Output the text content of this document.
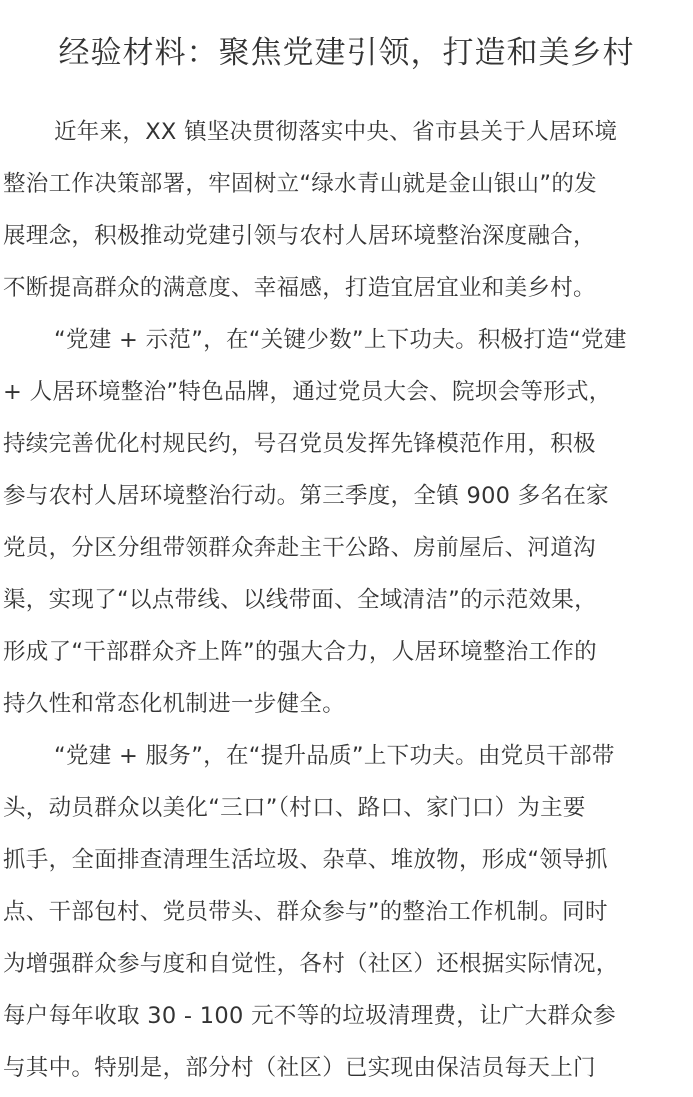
经验材料：聚焦党建引领，打造和美乡村
近年来，XX 镇坚决贯彻落实中央、省市县关于人居环境
整治工作决策部署，牢固树立“绿水青山就是金山银山”的发
展理念，积极推动党建引领与农村人居环境整治深度融合，
不断提高群众的满意度、幸福感，打造宜居宜业和美乡村。
“党建 + 示范”，在“关键少数”上下功夫。积极打造“党建
+ 人居环境整治”特色品牌，通过党员大会、院坝会等形式，
持续完善优化村规民约，号召党员发挥先锋模范作用，积极
参与农村人居环境整治行动。第三季度，全镇 900 多名在家
党员，分区分组带领群众奔赴主干公路、房前屋后、河道沟
渠，实现了“以点带线、以线带面、全域清洁”的示范效果，
形成了“干部群众齐上阵”的强大合力，人居环境整治工作的
持久性和常态化机制进一步健全。
“党建 + 服务”，在“提升品质”上下功夫。由党员干部带
头，动员群众以美化“三口”（村口、路口、家门口）为主要
抓手，全面排查清理生活垃圾、杂草、堆放物，形成“领导抓
点、干部包村、党员带头、群众参与”的整治工作机制。同时
为增强群众参与度和自觉性，各村（社区）还根据实际情况，
每户每年收取 30 - 100 元不等的垃圾清理费，让广大群众参
与其中。特别是，部分村（社区）已实现由保洁员每天上门
